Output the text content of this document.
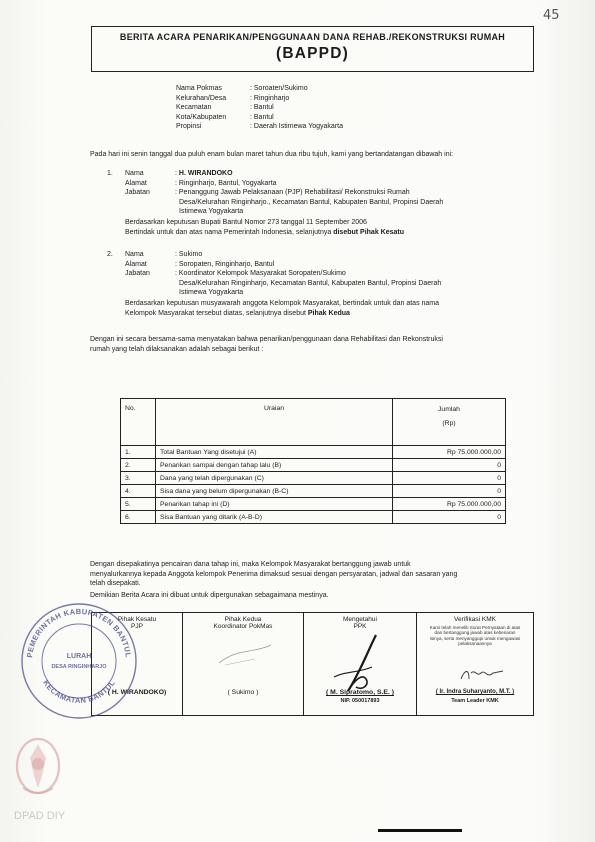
45
BERITA ACARA PENARIKAN/PENGGUNAAN DANA REHAB./REKONSTRUKSI RUMAH
(BAPPD)
Nama Pokmas	: Soroaten/Sukimo
Kelurahan/Desa	: Ringinharjo
Kecamatan	: Bantul
Kota/Kabupaten	: Bantul
Propinsi	: Daerah Istimewa Yogyakarta
Pada hari ini senin tanggal dua puluh enam bulan maret tahun dua ribu tujuh, kami yang bertandatangan dibawah ini:
1. Nama	: H. WIRANDOKO
Alamat	: Ringinharjo, Bantul, Yogyakarta
Jabatan	: Penanggung Jawab Pelaksanaan (PJP) Rehabilitasi/ Rekonstruksi Rumah
Desa/Kelurahan Ringinharjo., Kecamatan Bantul, Kabupaten Bantul, Propinsi Daerah
Istimewa Yogyakarta
Berdasarkan keputusan Bupati Bantul Nomor 273 tanggal 11 September 2006
Bertindak untuk dan atas nama Pemerintah Indonesia, selanjutnya disebut Pihak Kesatu
2. Nama	: Sukimo
Alamat	: Soropaten, Ringinharjo, Bantul
Jabatan	: Koordinator Kelompok Masyarakat Soropaten/Sukimo
Desa/Kelurahan Ringinharjo, Kecamatan Bantul, Kabupaten Bantul, Propinsi Daerah
Istimewa Yogyakarta
Berdasarkan keputusan musyawarah anggota Kelompok Masyarakat, bertindak untuk dan atas nama
Kelompok Masyarakat tersebut diatas, selanjutnya disebut Pihak Kedua
Dengan ini secara bersama-sama menyatakan bahwa penarikan/penggunaan dana Rehabilitasi dan Rekonstruksi
rumah yang telah dilaksanakan adalah sebagai berikut :
No.	Uraian	Jumlah
(Rp)
1.	Total Bantuan Yang disetujui (A)	Rp 75.000.000,00
2.	Penarikan sampai dengan tahap lalu (B)	0
3.	Dana yang telah dipergunakan (C)	0
4.	Sisa dana yang belum dipergunakan (B-C)	0
5.	Penarikan tahap ini (D)	Rp 75.000.000,00
6.	Sisa Bantuan yang ditarik (A-B-D)	0
Dengan disepakatinya pencairan dana tahap ini, maka Kelompok Masyarakat bertanggung jawab untuk
menyalurkannya kepada Anggota kelompok Penerima dimaksud sesuai dengan persyaratan, jadwal dan sasaran yang
telah disepakati.
Demikian Berita Acara ini dibuat untuk dipergunakan sebagaimana mestinya.
Pihak Kesatu
PJP
( H. WIRANDOKO)

Pihak Kedua
Koordinator PokMas
( Sukimo )

Mengetahui
PPK
( M. Sipratomo, S.E. )
NIP. 050017893

Verifikasi KMK
Kami telah meneliti Surat Pernyataan di atas dan bertanggung jawab atas kebenaran isinya, serta menyanggupi untuk mengawasi pelaksanaannya
( Ir. Indra Suharyanto, M.T. )
Team Leader KMK
PEMERINTAH KABUPATEN BANTUL
KECAMATAN BANTUL
LURAH
DESA RINGINHARJO
DPAD DIY
